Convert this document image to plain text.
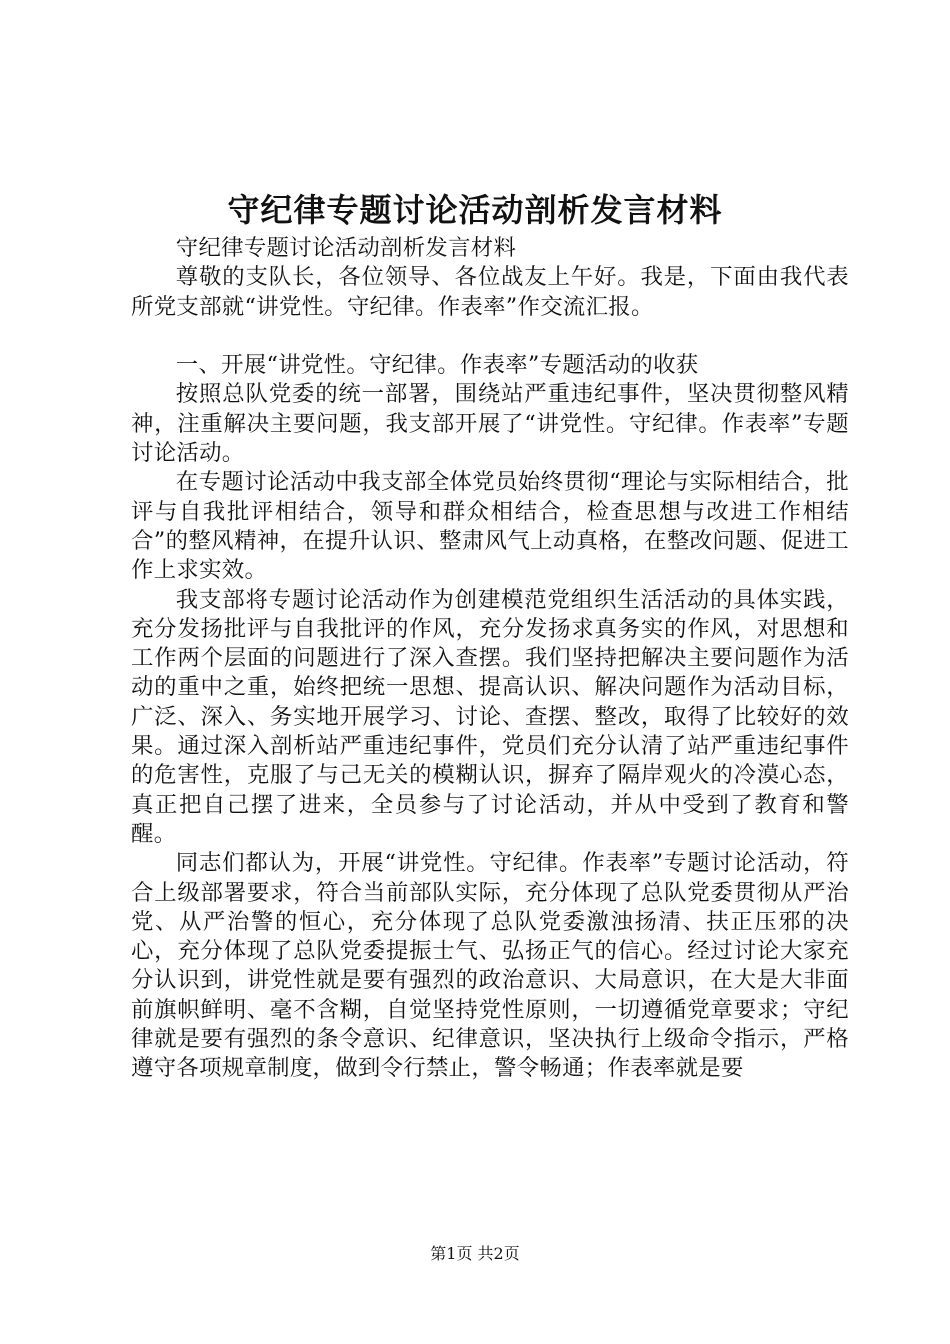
守纪律专题讨论活动剖析发言材料

守纪律专题讨论活动剖析发言材料

尊敬的支队长，各位领导、各位战友上午好。我是，下面由我代表所党支部就“讲党性。守纪律。作表率”作交流汇报。

一、开展“讲党性。守纪律。作表率”专题活动的收获

按照总队党委的统一部署，围绕站严重违纪事件，坚决贯彻整风精神，注重解决主要问题，我支部开展了“讲党性。守纪律。作表率”专题讨论活动。

在专题讨论活动中我支部全体党员始终贯彻“理论与实际相结合，批评与自我批评相结合，领导和群众相结合，检查思想与改进工作相结合”的整风精神，在提升认识、整肃风气上动真格，在整改问题、促进工作上求实效。

我支部将专题讨论活动作为创建模范党组织生活活动的具体实践，充分发扬批评与自我批评的作风，充分发扬求真务实的作风，对思想和工作两个层面的问题进行了深入查摆。我们坚持把解决主要问题作为活动的重中之重，始终把统一思想、提高认识、解决问题作为活动目标，广泛、深入、务实地开展学习、讨论、查摆、整改，取得了比较好的效果。通过深入剖析站严重违纪事件，党员们充分认清了站严重违纪事件的危害性，克服了与己无关的模糊认识，摒弃了隔岸观火的冷漠心态，真正把自己摆了进来，全员参与了讨论活动，并从中受到了教育和警醒。

同志们都认为，开展“讲党性。守纪律。作表率”专题讨论活动，符合上级部署要求，符合当前部队实际，充分体现了总队党委贯彻从严治党、从严治警的恒心，充分体现了总队党委激浊扬清、扶正压邪的决心，充分体现了总队党委提振士气、弘扬正气的信心。经过讨论大家充分认识到，讲党性就是要有强烈的政治意识、大局意识，在大是大非面前旗帜鲜明、毫不含糊，自觉坚持党性原则，一切遵循党章要求；守纪律就是要有强烈的条令意识、纪律意识，坚决执行上级命令指示，严格遵守各项规章制度，做到令行禁止，警令畅通；作表率就是要

第1页 共2页
